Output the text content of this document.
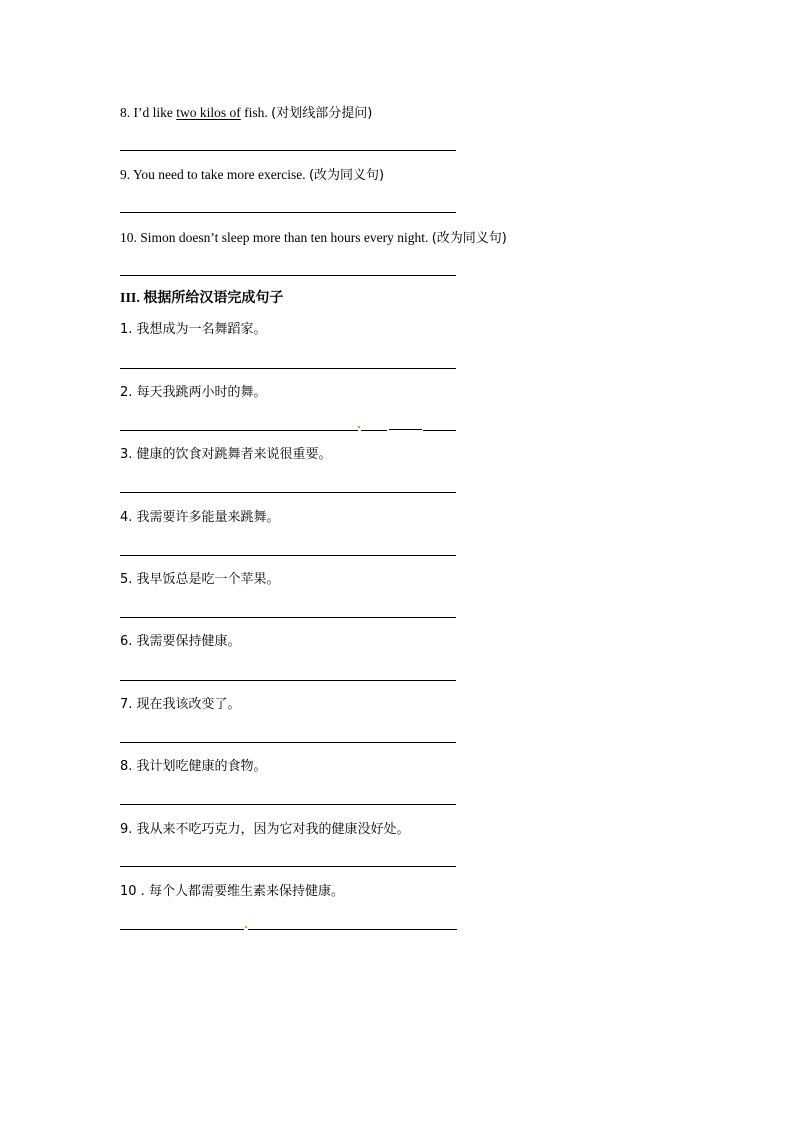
8. I’d like two kilos of fish. (对划线部分提问)
9. You need to take more exercise. (改为同义句)
10. Simon doesn’t sleep more than ten hours every night. (改为同义句)
III. 根据所给汉语完成句子
1. 我想成为一名舞蹈家。
2. 每天我跳两小时的舞。
3. 健康的饮食对跳舞者来说很重要。
4. 我需要许多能量来跳舞。
5. 我早饭总是吃一个苹果。
6. 我需要保持健康。
7. 现在我该改变了。
8. 我计划吃健康的食物。
9. 我从来不吃巧克力，因为它对我的健康没好处。
10 . 每个人都需要维生素来保持健康。
